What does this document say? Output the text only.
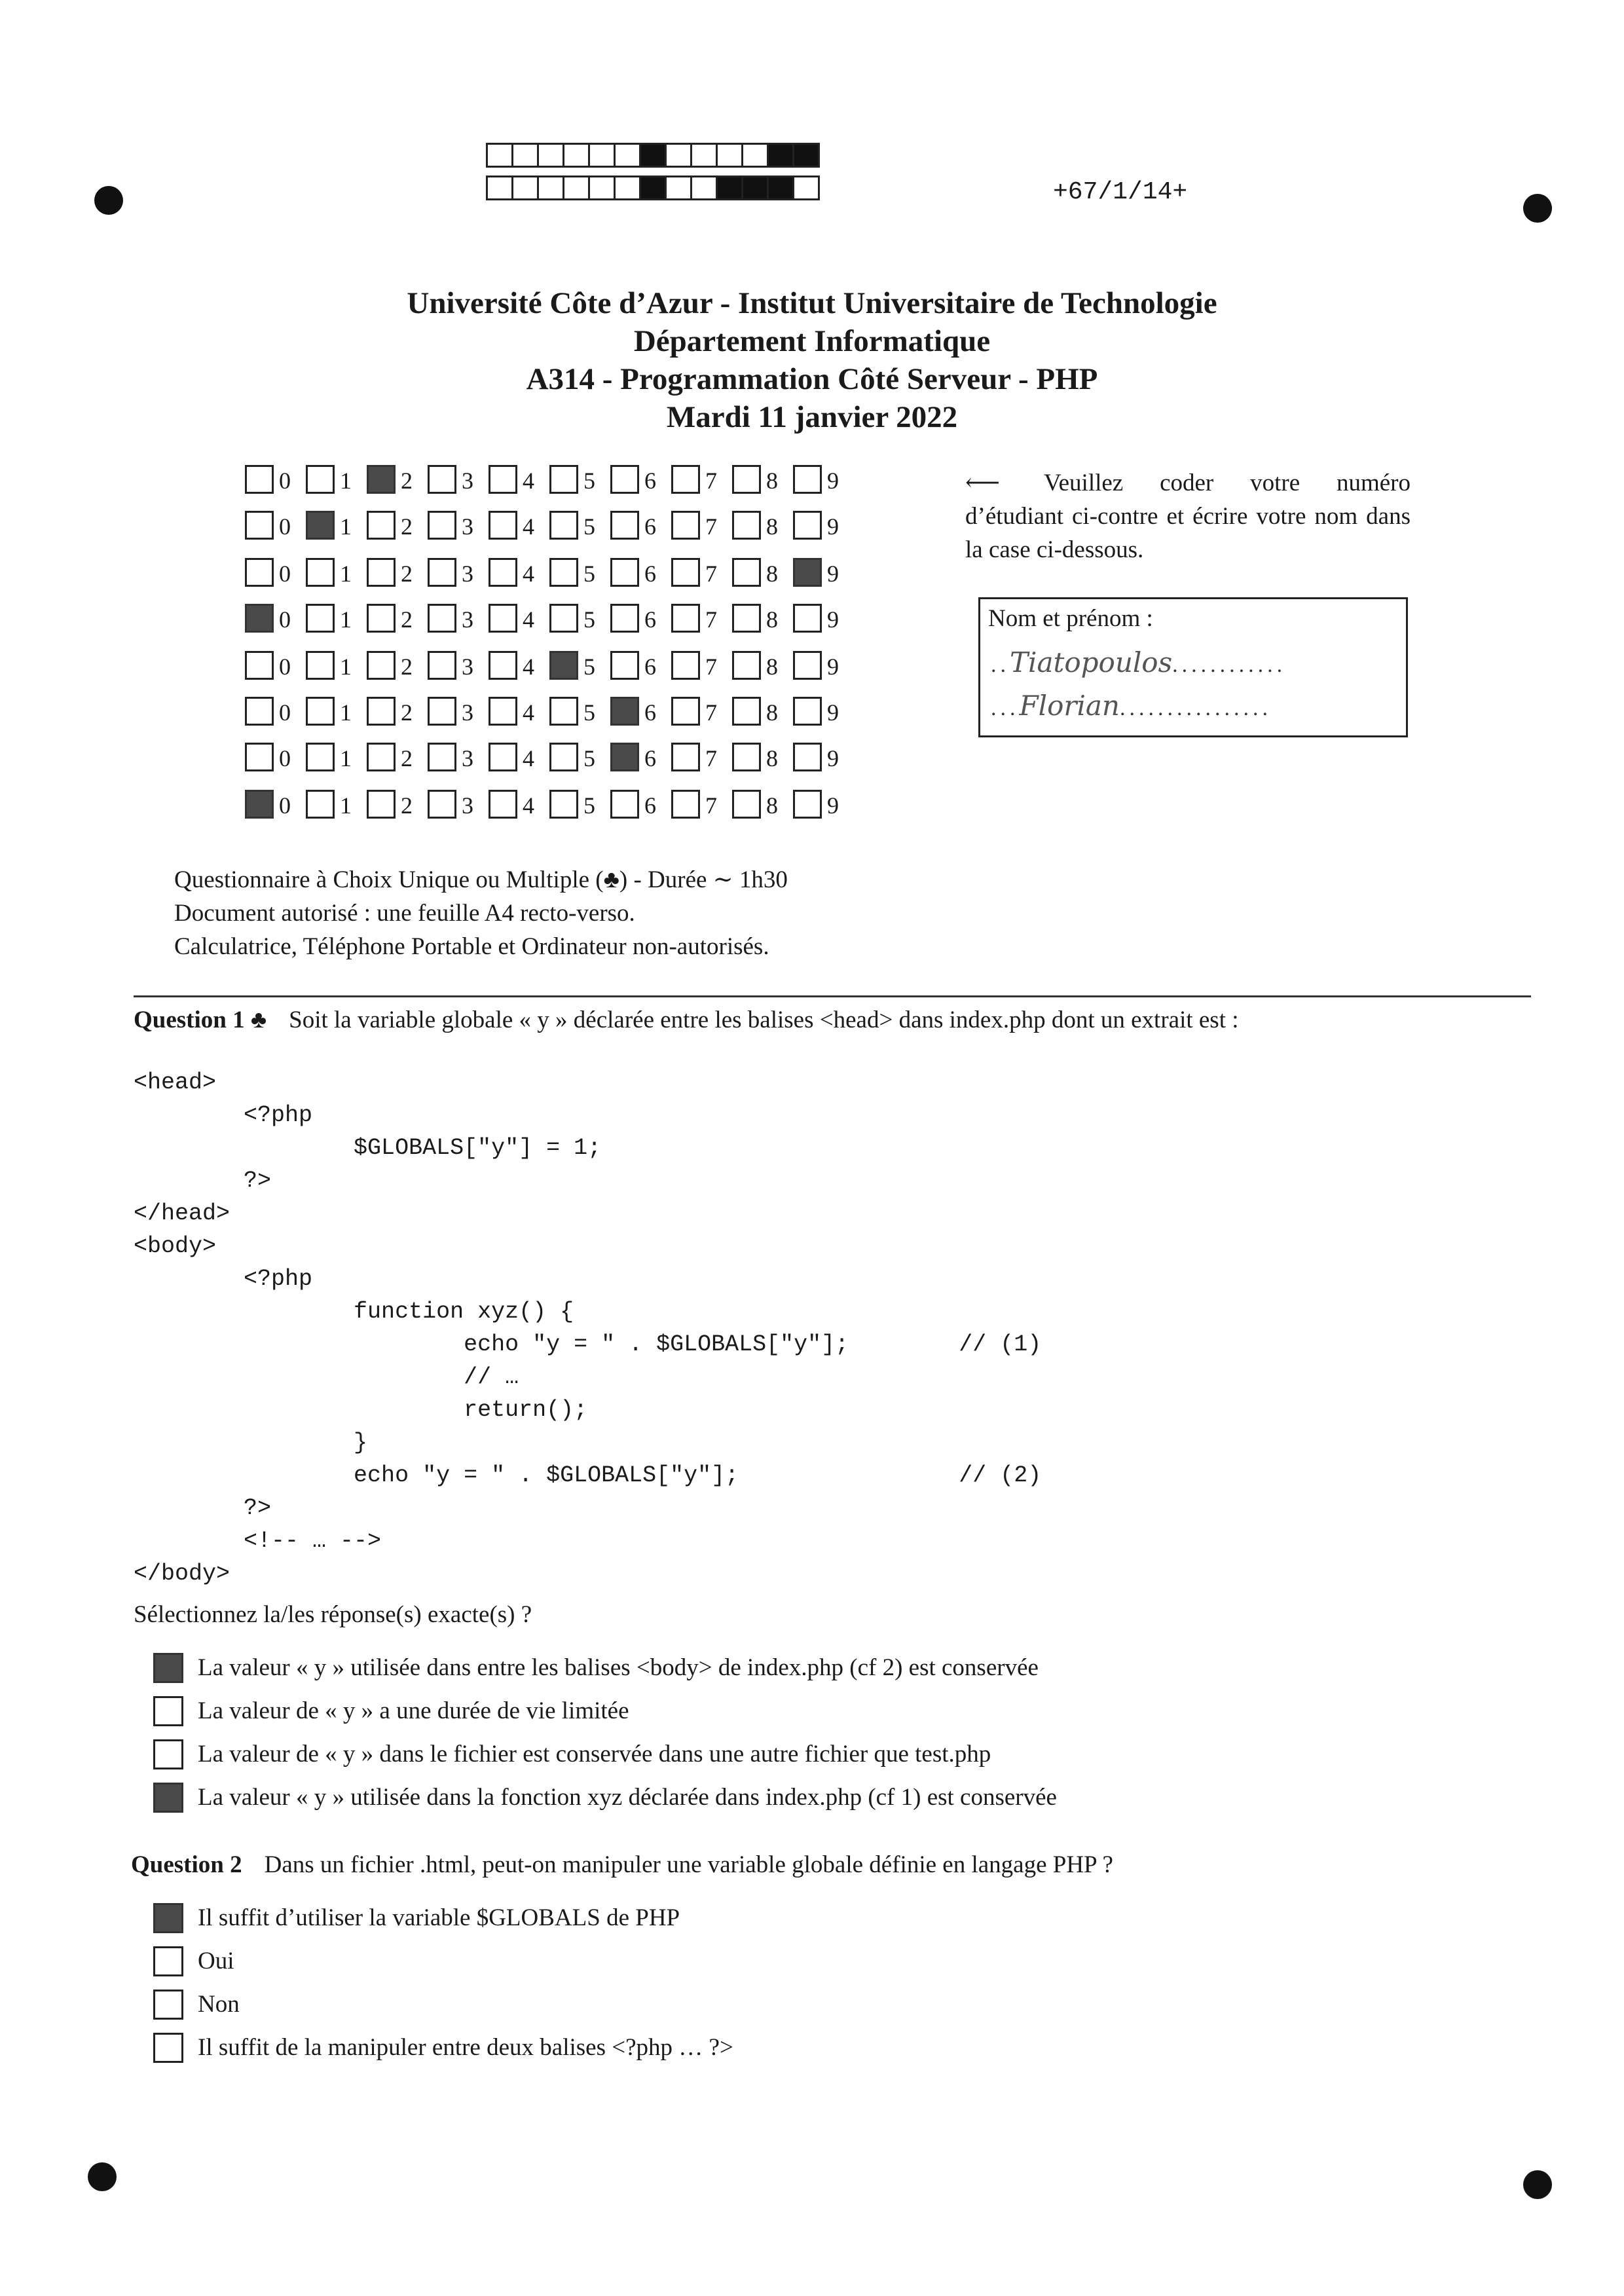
+67/1/14+
Université Côte d’Azur - Institut Universitaire de Technologie
Département Informatique
A314 - Programmation Côté Serveur - PHP
Mardi 11 janvier 2022
0 1 2 3 4 5 6 7 8 9
0 1 2 3 4 5 6 7 8 9
0 1 2 3 4 5 6 7 8 9
0 1 2 3 4 5 6 7 8 9
0 1 2 3 4 5 6 7 8 9
0 1 2 3 4 5 6 7 8 9
0 1 2 3 4 5 6 7 8 9
0 1 2 3 4 5 6 7 8 9
⟵ Veuillez coder votre numéro d’étudiant ci-contre et écrire votre nom dans la case ci-dessous.
Nom et prénom :
..Tiatopoulos............
...Florian................
Questionnaire à Choix Unique ou Multiple (♣) - Durée ∼ 1h30
Document autorisé : une feuille A4 recto-verso.
Calculatrice, Téléphone Portable et Ordinateur non-autorisés.
Question 1 ♣ Soit la variable globale « y » déclarée entre les balises <head> dans index.php dont un extrait est :
<head>
<?php
$GLOBALS["y"] = 1;
?>
</head>
<body>
<?php
function xyz() {
echo "y = " . $GLOBALS["y"];        // (1)
// …
return();
}
echo "y = " . $GLOBALS["y"];                // (2)
?>
<!-- … -->
</body>
Sélectionnez la/les réponse(s) exacte(s) ?
La valeur « y » utilisée dans entre les balises <body> de index.php (cf 2) est conservée
La valeur de « y » a une durée de vie limitée
La valeur de « y » dans le fichier est conservée dans une autre fichier que test.php
La valeur « y » utilisée dans la fonction xyz déclarée dans index.php (cf 1) est conservée
Question 2 Dans un fichier .html, peut-on manipuler une variable globale définie en langage PHP ?
Il suffit d’utiliser la variable $GLOBALS de PHP
Oui
Non
Il suffit de la manipuler entre deux balises <?php … ?>
